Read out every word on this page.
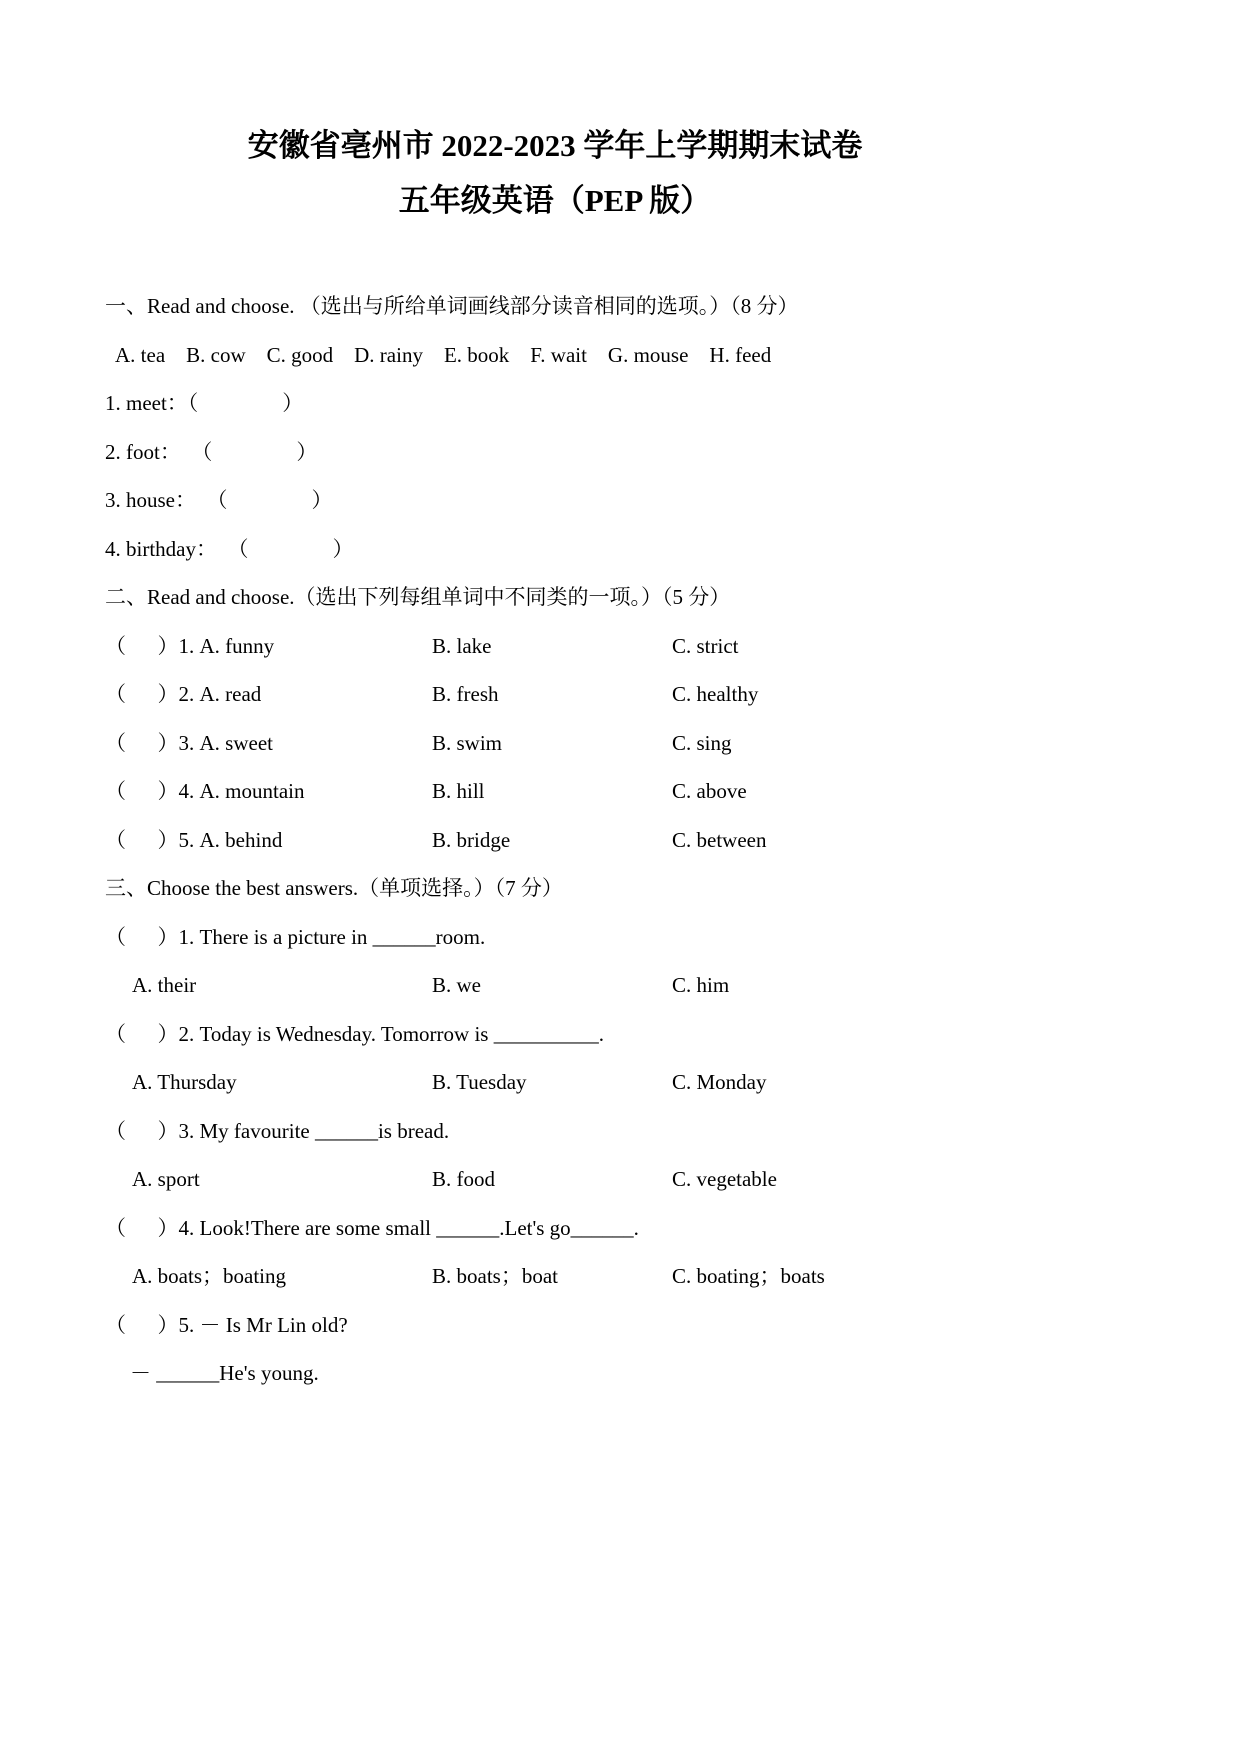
安徽省亳州市 2022-2023 学年上学期期末试卷
五年级英语（PEP 版）
一、Read and choose. （选出与所给单词画线部分读音相同的选项。）（8 分）
A. tea    B. cow    C. good    D. rainy    E. book    F. wait    G. mouse    H. feed
1. meet：（                ）
2. foot：  （                ）
3. house：  （                ）
4. birthday：  （                ）
二、Read and choose.（选出下列每组单词中不同类的一项。）（5 分）
（      ）1. A. funny	B. lake	C. strict
（      ）2. A. read	B. fresh	C. healthy
（      ）3. A. sweet	B. swim	C. sing
（      ）4. A. mountain	B. hill	C. above
（      ）5. A. behind	B. bridge	C. between
三、Choose the best answers.（单项选择。）（7 分）
（      ）1. There is a picture in ______room.
A. their	B. we	C. him
（      ）2. Today is Wednesday. Tomorrow is __________.
A. Thursday	B. Tuesday	C. Monday
（      ）3. My favourite ______is bread.
A. sport	B. food	C. vegetable
（      ）4. Look!There are some small ______.Let's go______.
A. boats；boating	B. boats；boat	C. boating；boats
（      ）5. － Is Mr Lin old?
－ ______He's young.
